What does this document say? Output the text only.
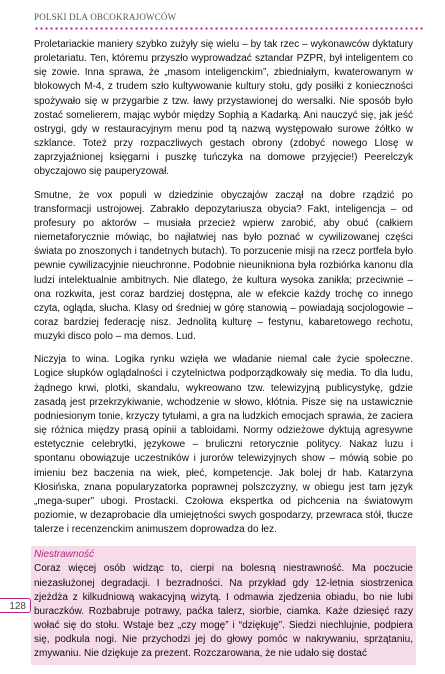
POLSKI DLA OBCOKRAJOWCÓW

Proletariackie maniery szybko zużyły się wielu – by tak rzec – wykonawców dyktatury proletariatu. Ten, któremu przyszło wyprowadzać sztandar PZPR, był inteligentem co się zowie. Inna sprawa, że „masom inteligenckim”, zbiedniałym, kwaterowanym w blokowych M-4, z trudem szło kultywowanie kultury stołu, gdy posiłki z konieczności spożywało się w przygarbie z tzw. ławy przystawionej do wersalki. Nie sposób było zostać somelierem, mając wybór między Sophią a Kadarką. Ani nauczyć się, jak jeść ostrygi, gdy w restauracyjnym menu pod tą nazwą występowało surowe żółtko w szklance. Toteż przy rozpaczliwych gestach obrony (zdobyć nowego Llosę w zaprzyjaźnionej księgarni i puszkę tuńczyka na domowe przyjęcie!) Peerelczyk obyczajowo się pauperyzował.

Smutne, że vox populi w dziedzinie obyczajów zaczął na dobre rządzić po transformacji ustrojowej. Zabrakło depozytariusza obycia? Fakt, inteligencja – od profesury po aktorów – musiała przecież wpierw zarobić, aby obuć (całkiem niemetaforycznie mówiąc, bo najłatwiej nas było poznać w cywilizowanej części świata po znoszonych i tandetnych butach). To porzucenie misji na rzecz portfela było pewnie cywilizacyjnie nieuchronne. Podobnie nieunikniona była rozbiórka kanonu dla ludzi intelektualnie ambitnych. Nie dlatego, że kultura wysoka zanikła; przeciwnie – ona rozkwita, jest coraz bardziej dostępna, ale w efekcie każdy trochę co innego czyta, ogląda, słucha. Klasy od średniej w górę stanowią – powiadają socjologowie – coraz bardziej federację nisz. Jednolitą kulturę – festynu, kabaretowego rechotu, muzyki disco polo – ma demos. Lud.

Niczyja to wina. Logika rynku wzięła we władanie niemal całe życie społeczne. Logice słupków oglądalności i czytelnictwa podporządkowały się media. To dla ludu, żądnego krwi, plotki, skandalu, wykreowano tzw. telewizyjną publicystykę, gdzie zasadą jest przekrzykiwanie, wchodzenie w słowo, kłótnia. Pisze się na ustawicznie podniesionym tonie, krzyczy tytułami, a gra na ludzkich emocjach sprawia, że zaciera się różnica między prasą opinii a tabloidami. Normy odzieżowe dyktują agresywne estetycznie celebrytki, językowe – bruliczni retorycznie politycy. Nakaz luzu i spontanu obowiązuje uczestników i jurorów telewizyjnych show – mówią sobie po imieniu bez baczenia na wiek, płeć, kompetencje. Jak bolej dr hab. Katarzyna Kłosińska, znana popularyzatorka poprawnej polszczyzny, w obiegu jest tam język „mega-super” ubogi. Prostacki. Czołowa ekspertka od pichcenia na światowym poziomie, w dezaprobacie dla umiejętności swych gospodarzy, przewraca stół, tłucze talerze i recenzenckim animuszem doprowadza do łez.

Niestrawność
Coraz więcej osób widząc to, cierpi na bolesną niestrawność. Ma poczucie niezasłużonej degradacji. I bezradności. Na przykład gdy 12-letnia siostrzenica zjeżdża z kilkudniową wakacyjną wizytą. I odmawia zjedzenia obiadu, bo nie lubi buraczków. Rozbabruje potrawy, paćka talerz, siorbie, ciamka. Każe dziesięć razy wołać się do stołu. Wstaje bez „czy mogę” i “dziękuję”. Siedzi niechlujnie, podpiera się, podkula nogi. Nie przychodzi jej do głowy pomóc w nakrywaniu, sprzątaniu, zmywaniu. Nie dziękuje za prezent. Rozczarowana, że nie udało się dostać

128
